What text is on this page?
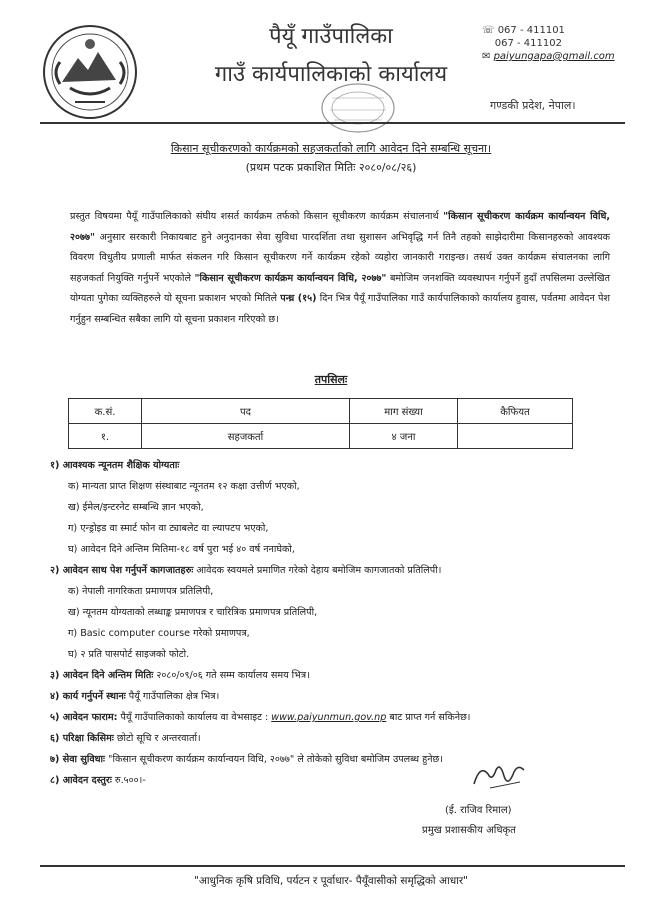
पैयूँ गाउँपालिका
गाउँ कार्यपालिकाको कार्यालय
☏ 067 - 411101
067 - 411102
✉ paiyungapa@gmail.com
गण्डकी प्रदेश, नेपाल।
किसान सूचीकरणको कार्यक्रमको सहजकर्ताको लागि आवेदन दिने सम्बन्धि सूचना।
(प्रथम पटक प्रकाशित मितिः २०८०/०८/२६)
प्रस्तुत विषयमा पैयूँ गाउँपालिकाको संघीय शसर्त कार्यक्रम तर्फको किसान सूचीकरण कार्यक्रम संचालनार्थ "किसान सूचीकरण कार्यक्रम कार्यान्वयन विधि, २०७७" अनुसार सरकारी निकायबाट हुने अनुदानका सेवा सुविधा पारदर्शिता तथा सुशासन अभिवृद्धि गर्न तिनै तहको साझेदारीमा किसानहरुको आवश्यक विवरण विधुतीय प्रणाली मार्फत संकलन गरि किसान सूचीकरण गर्ने कार्यक्रम रहेको व्यहोरा जानकारी गराइन्छ। तसर्थ उक्त कार्यक्रम संचालनका लागि सहजकर्ता नियुक्ति गर्नुपर्ने भएकोले "किसान सूचीकरण कार्यक्रम कार्यान्वयन विधि, २०७७" बमोजिम जनशक्ति व्यवस्थापन गर्नुपर्ने हुदाँ तपसिलमा उल्लेखित योग्यता पुगेका व्यक्तिहरुले यो सूचना प्रकाशन भएको मितिले पन्ध्र (१५) दिन भित्र पैयूँ गाउँपालिका गाउँ कार्यपालिकाको कार्यालय हुवास, पर्वतमा आवेदन पेश गर्नुहुन सम्बन्धित सबैका लागि यो सूचना प्रकाशन गरिएको छ।
तपसिलः
क.सं.	पद	माग संख्या	कैफियत
१.	सहजकर्ता	४ जना	
१) आवश्यक न्यूनतम शैक्षिक योग्यताः
क) मान्यता प्राप्त शिक्षण संस्थाबाट न्यूनतम १२ कक्षा उत्तीर्ण भएको,
ख) ईमेल/इन्टरनेट सम्बन्धि ज्ञान भएको,
ग) एन्ड्रोइड वा स्मार्ट फोन वा ट्याबलेट वा ल्यापटप भएको,
घ) आवेदन दिने अन्तिम मितिमा-१८ वर्ष पुरा भई ४० वर्ष ननाघेको,
२) आवेदन साथ पेश गर्नुपर्ने कागजातहरुः आवेदक स्वयमले प्रमाणित गरेको देहाय बमोजिम कागजातको प्रतिलिपी।
क) नेपाली नागरिकता प्रमाणपत्र प्रतिलिपी,
ख) न्यूनतम योग्यताको लब्धाङ्क प्रमाणपत्र र चारित्रिक प्रमाणपत्र प्रतिलिपी,
ग) Basic computer course गरेको प्रमाणपत्र,
घ) २ प्रति पासपोर्ट साइजको फोटो.
३) आवेदन दिने अन्तिम मितिः २०८०/०९/०६ गते सम्म कार्यालय समय भित्र।
४) कार्य गर्नुपर्ने स्थानः पैयूँ गाउँपालिका क्षेत्र भित्र।
५) आवेदन फाराम: पैयूँ गाउँपालिकाको कार्यालय वा वेभसाइट : www.paiyunmun.gov.np बाट प्राप्त गर्न सकिनेछ।
६) परिक्षा किसिमः छोटो सूचि र अन्तरवार्ता।
७) सेवा सुविधाः "किसान सूचीकरण कार्यक्रम कार्यान्वयन विधि, २०७७" ले तोकेको सुविधा बमोजिम उपलब्ध हुनेछ।
८) आवेदन दस्तुरः रु.५००।-
(ई. राजिव रिमाल)
प्रमुख प्रशासकीय अधिकृत
"आधुनिक कृषि प्रविधि, पर्यटन र पूर्वाधार- पैयूँवासीको समृद्धिको आधार"
